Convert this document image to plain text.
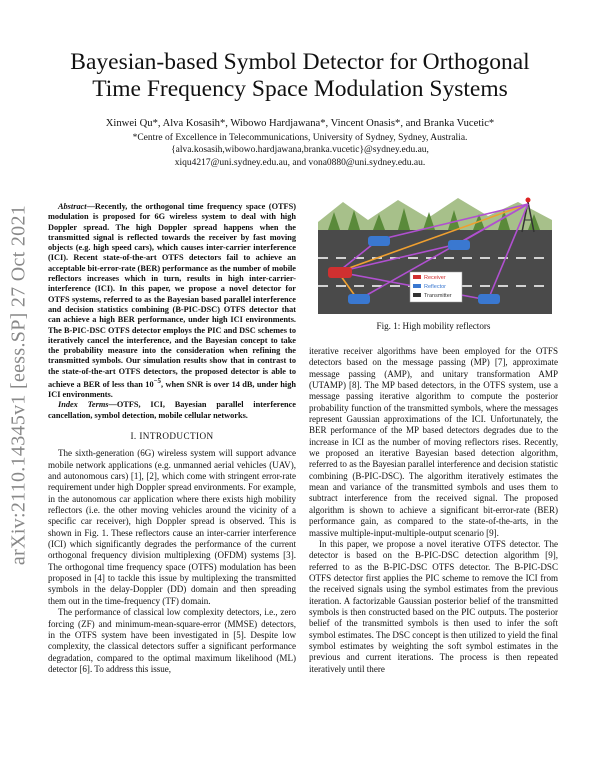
arXiv:2110.14345v1 [eess.SP] 27 Oct 2021
Bayesian-based Symbol Detector for Orthogonal
Time Frequency Space Modulation Systems
Xinwei Qu*, Alva Kosasih*, Wibowo Hardjawana*, Vincent Onasis*, and Branka Vucetic*
*Centre of Excellence in Telecommunications, University of Sydney, Sydney, Australia.
{alva.kosasih,wibowo.hardjawana,branka.vucetic}@sydney.edu.au,
xiqu4217@uni.sydney.edu.au, and vona0880@uni.sydney.edu.au.

Abstract—Recently, the orthogonal time frequency space (OTFS) modulation is proposed for 6G wireless system to deal with high Doppler spread. The high Doppler spread happens when the transmitted signal is reflected towards the receiver by fast moving objects (e.g. high speed cars), which causes inter-carrier interference (ICI). Recent state-of-the-art OTFS detectors fail to achieve an acceptable bit-error-rate (BER) performance as the number of mobile reflectors increases which in turn, results in high inter-carrier-interference (ICI). In this paper, we propose a novel detector for OTFS systems, referred to as the Bayesian based parallel interference and decision statistics combining (B-PIC-DSC) OTFS detector that can achieve a high BER performance, under high ICI environments. The B-PIC-DSC OTFS detector employs the PIC and DSC schemes to iteratively cancel the interference, and the Bayesian concept to take the probability measure into the consideration when refining the transmitted symbols. Our simulation results show that in contrast to the state-of-the-art OTFS detectors, the proposed detector is able to achieve a BER of less than $10^{-5}$, when SNR is over 14 dB, under high ICI environments.

Index Terms—OTFS, ICI, Bayesian parallel interference cancellation, symbol detection, mobile cellular networks.

I. INTRODUCTION

The sixth-generation (6G) wireless system will support advance mobile network applications (e.g. unmanned aerial vehicles (UAV), and autonomous cars) [1], [2], which come with stringent error-rate requirement under high Doppler spread environments. For example, in the autonomous car application where there exists high mobility reflectors (i.e. the other moving vehicles around the vicinity of a specific car receiver), high Doppler spread is observed. This is shown in Fig. 1. These reflectors cause an inter-carrier interference (ICI) which significantly degrades the performance of the current orthogonal frequency division multiplexing (OFDM) systems [3]. The orthogonal time frequency space (OTFS) modulation has been proposed in [4] to tackle this issue by multiplexing the transmitted symbols in the delay-Doppler (DD) domain and then spreading them out in the time-frequency (TF) domain.

The performance of classical low complexity detectors, i.e., zero forcing (ZF) and minimum-mean-square-error (MMSE) detectors, in the OTFS system have been investigated in [5]. Despite low complexity, the classical detectors suffer a significant performance degradation, compared to the optimal maximum likelihood (ML) detector [6]. To address this issue,

Receiver
Reflector
Transmitter
Fig. 1: High mobility reflectors

iterative receiver algorithms have been employed for the OTFS detectors based on the message passing (MP) [7], approximate message passing (AMP), and unitary transformation AMP (UTAMP) [8]. The MP based detectors, in the OTFS system, use a message passing iterative algorithm to compute the posterior probability function of the transmitted symbols, where the messages represent Gaussian approximations of the ICI. Unfortunately, the BER performance of the MP based detectors degrades due to the increase in ICI as the number of moving reflectors rises. Recently, we proposed an iterative Bayesian based detection algorithm, referred to as the Bayesian parallel interference and decision statistic combining (B-PIC-DSC). The algorithm iteratively estimates the mean and variance of the transmitted symbols and uses them to subtract interference from the received signal. The proposed algorithm is shown to achieve a significant bit-error-rate (BER) performance gain, as compared to the state-of-the-arts, in the massive multiple-input-multiple-output scenario [9].

In this paper, we propose a novel iterative OTFS detector. The detector is based on the B-PIC-DSC detection algorithm [9], referred to as the B-PIC-DSC OTFS detector. The B-PIC-DSC OTFS detector first applies the PIC scheme to remove the ICI from the received signals using the symbol estimates from the previous iteration. A factorizable Gaussian posterior belief of the transmitted symbols is then constructed based on the PIC outputs. The posterior belief of the transmitted symbols is then used to infer the soft symbol estimates. The DSC concept is then utilized to yield the final symbol estimates by weighting the soft symbol estimates in the previous and current iterations. The process is then repeated iteratively until there
